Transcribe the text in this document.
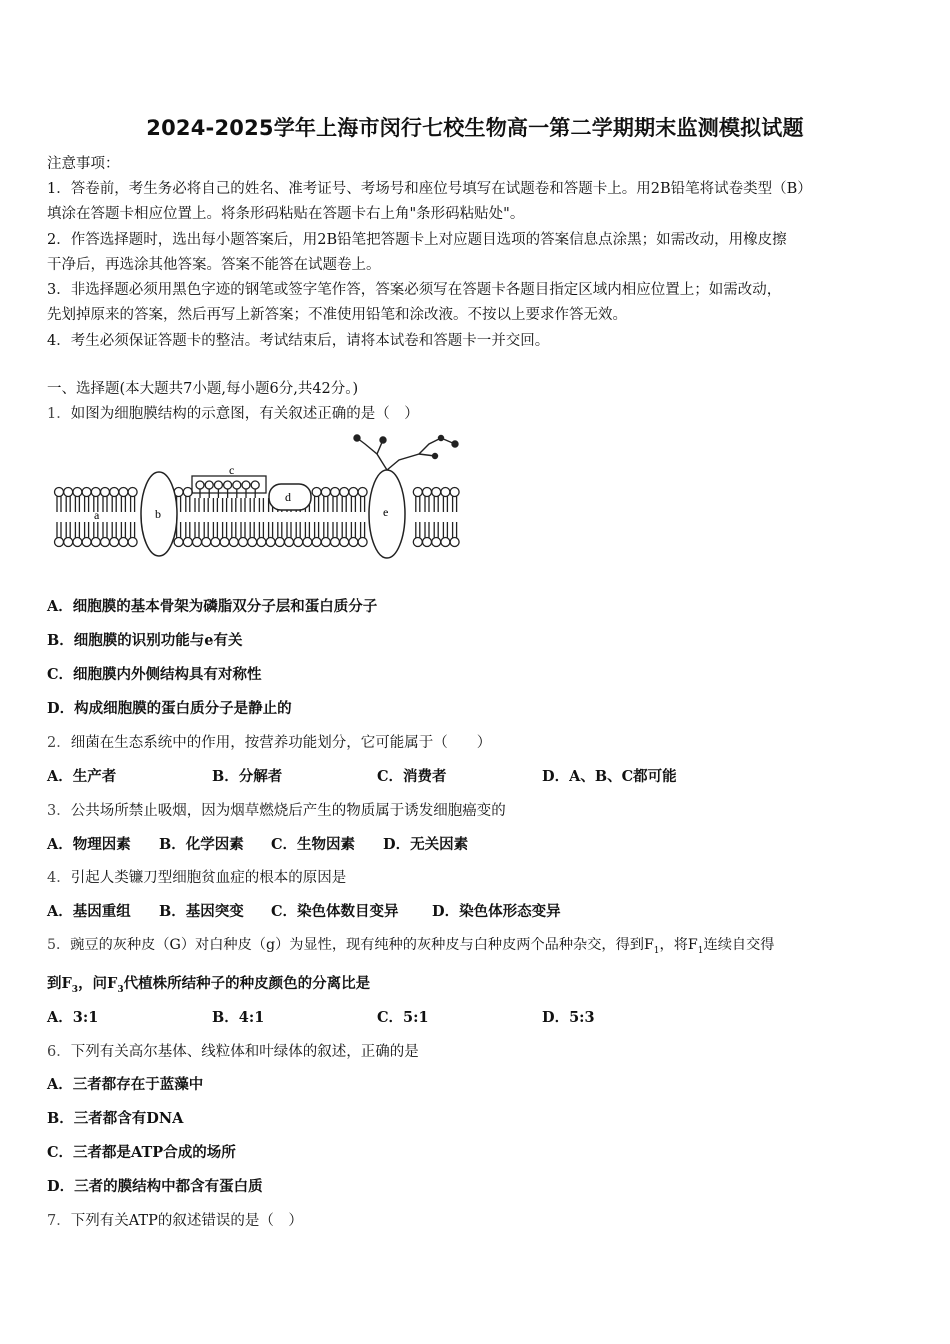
2024-2025学年上海市闵行七校生物高一第二学期期末监测模拟试题
注意事项：
1．答卷前，考生务必将自己的姓名、准考证号、考场号和座位号填写在试题卷和答题卡上。用2B铅笔将试卷类型（B）
填涂在答题卡相应位置上。将条形码粘贴在答题卡右上角"条形码粘贴处"。
2．作答选择题时，选出每小题答案后，用2B铅笔把答题卡上对应题目选项的答案信息点涂黑；如需改动，用橡皮擦
干净后，再选涂其他答案。答案不能答在试题卷上。
3．非选择题必须用黑色字迹的钢笔或签字笔作答，答案必须写在答题卡各题目指定区域内相应位置上；如需改动，
先划掉原来的答案，然后再写上新答案；不准使用铅笔和涂改液。不按以上要求作答无效。
4．考生必须保证答题卡的整洁。考试结束后，请将本试卷和答题卡一并交回。
一、选择题(本大题共7小题,每小题6分,共42分。)
1．如图为细胞膜结构的示意图，有关叙述正确的是（　）
a	b
c
d
e
A．细胞膜的基本骨架为磷脂双分子层和蛋白质分子
B．细胞膜的识别功能与e有关
C．细胞膜内外侧结构具有对称性
D．构成细胞膜的蛋白质分子是静止的
2．细菌在生态系统中的作用，按营养功能划分，它可能属于（　　）
A．生产者	B．分解者	C．消费者	D．A、B、C都可能
3．公共场所禁止吸烟，因为烟草燃烧后产生的物质属于诱发细胞癌变的
A．物理因素 B．化学因素 C．生物因素 D．无关因素
4．引起人类镰刀型细胞贫血症的根本的原因是
A．基因重组 B．基因突变 C．染色体数目变异 D．染色体形态变异
5．豌豆的灰种皮（G）对白种皮（g）为显性，现有纯种的灰种皮与白种皮两个品种杂交，得到$F_1$，将$F_1$连续自交得
到$F_3$，问$F_3$代植株所结种子的种皮颜色的分离比是
A．3:1	B．4:1	C．5:1	D．5:3
6．下列有关高尔基体、线粒体和叶绿体的叙述，正确的是
A．三者都存在于蓝藻中
B．三者都含有DNA
C．三者都是ATP合成的场所
D．三者的膜结构中都含有蛋白质
7．下列有关ATP的叙述错误的是（　）
